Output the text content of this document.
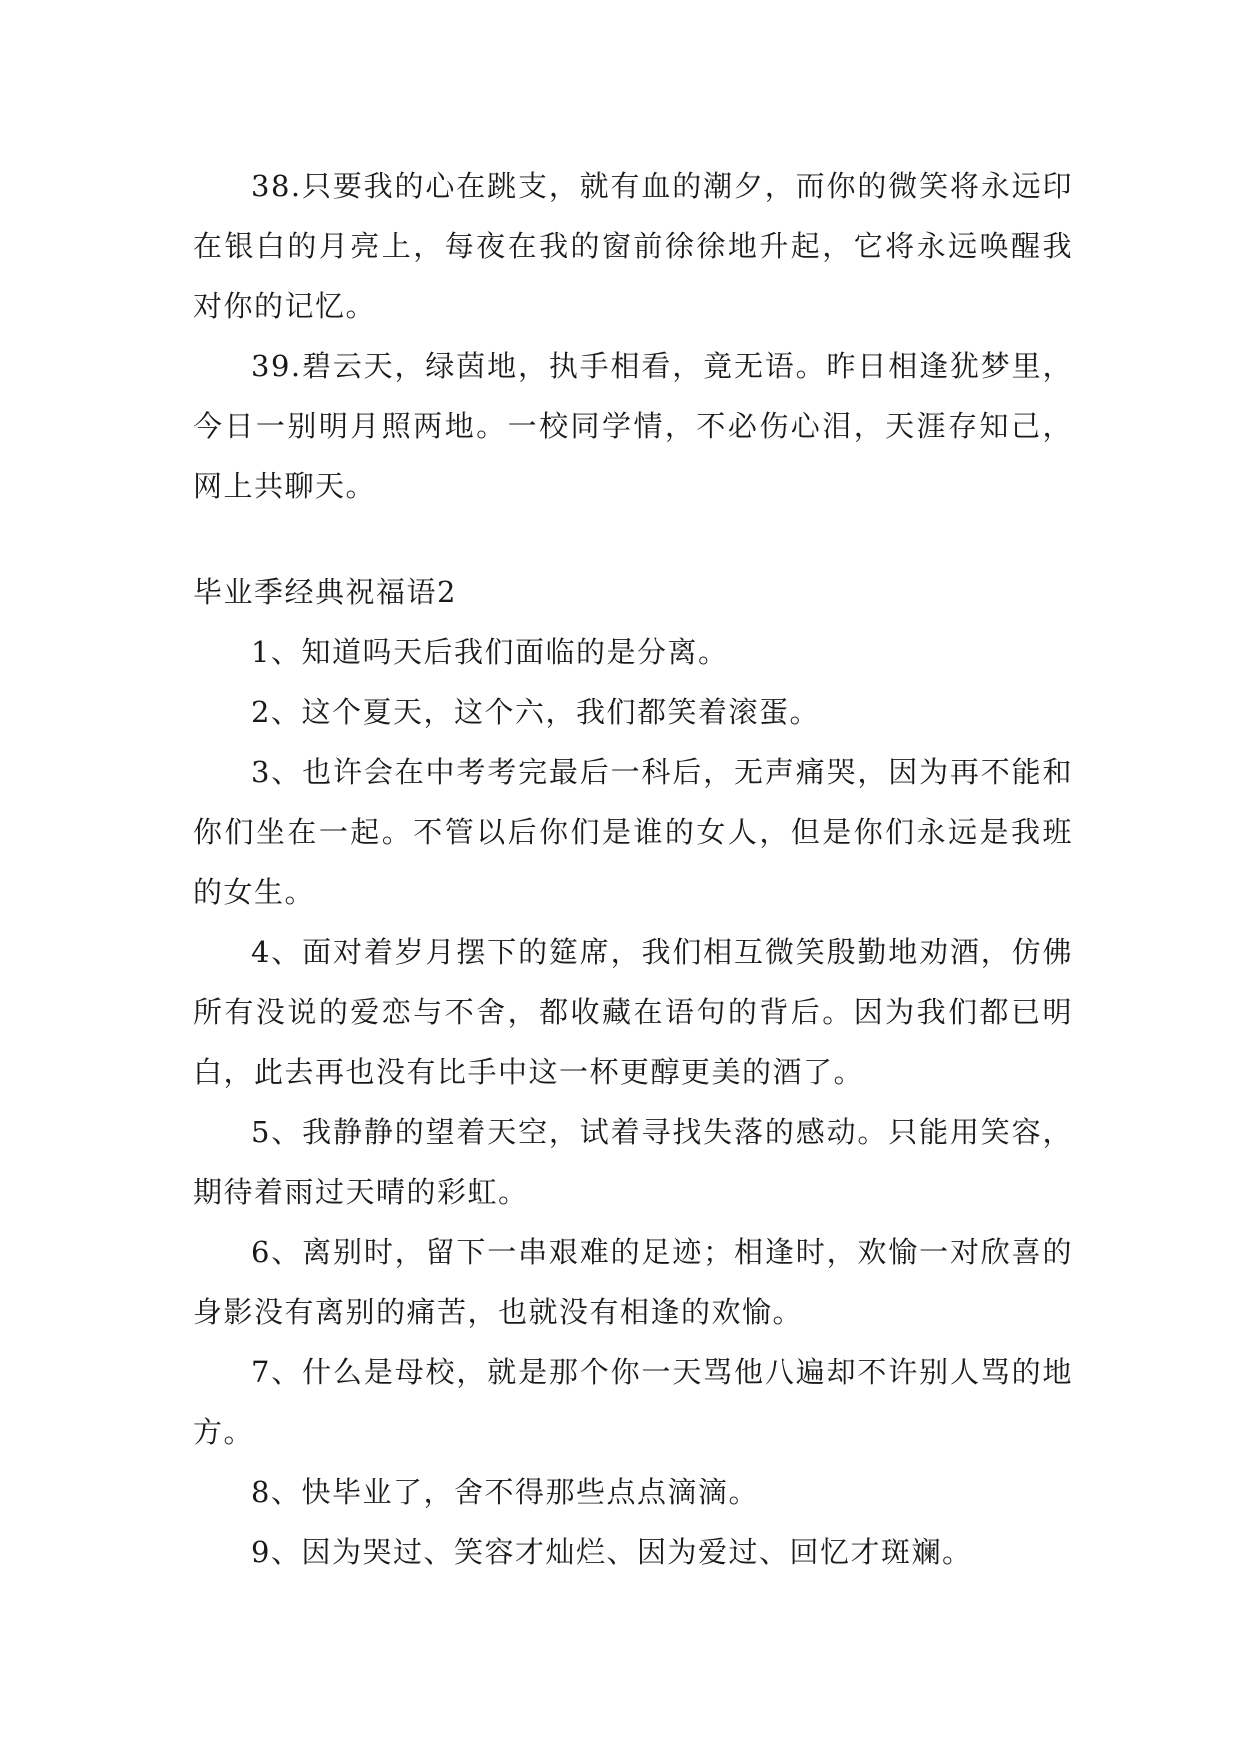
38.只要我的心在跳支，就有血的潮夕，而你的微笑将永远印在银白的月亮上，每夜在我的窗前徐徐地升起，它将永远唤醒我对你的记忆。

39.碧云天，绿茵地，执手相看，竟无语。昨日相逢犹梦里，今日一别明月照两地。一校同学情，不必伤心泪，天涯存知己，网上共聊天。

毕业季经典祝福语2

1、知道吗天后我们面临的是分离。

2、这个夏天，这个六，我们都笑着滚蛋。

3、也许会在中考考完最后一科后，无声痛哭，因为再不能和你们坐在一起。不管以后你们是谁的女人，但是你们永远是我班的女生。

4、面对着岁月摆下的筵席，我们相互微笑殷勤地劝酒，仿佛所有没说的爱恋与不舍，都收藏在语句的背后。因为我们都已明白，此去再也没有比手中这一杯更醇更美的酒了。

5、我静静的望着天空，试着寻找失落的感动。只能用笑容，期待着雨过天晴的彩虹。

6、离别时，留下一串艰难的足迹；相逢时，欢愉一对欣喜的身影没有离别的痛苦，也就没有相逢的欢愉。

7、什么是母校，就是那个你一天骂他八遍却不许别人骂的地方。

8、快毕业了，舍不得那些点点滴滴。

9、因为哭过、笑容才灿烂、因为爱过、回忆才斑斓。
